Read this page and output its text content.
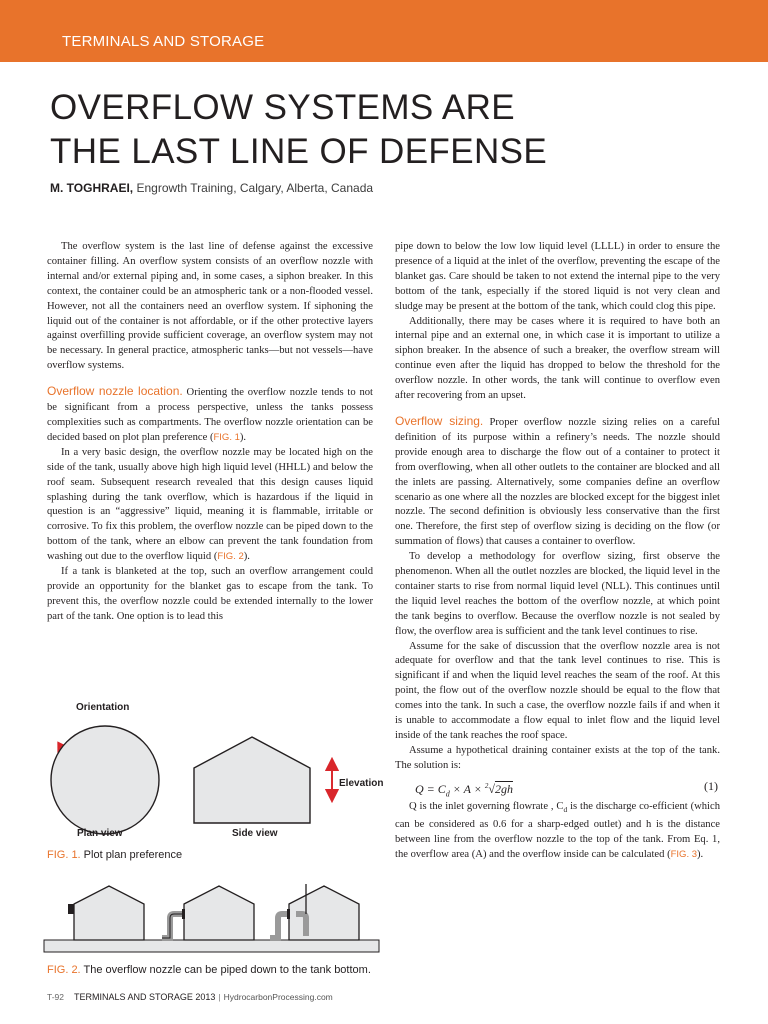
TERMINALS AND STORAGE
OVERFLOW SYSTEMS ARE
THE LAST LINE OF DEFENSE
M. TOGHRAEI, Engrowth Training, Calgary, Alberta, Canada

The overflow system is the last line of defense against the excessive container filling. An overflow system consists of an overflow nozzle with internal and/or external piping and, in some cases, a siphon breaker. In this context, the container could be an atmospheric tank or a non-flooded vessel. However, not all the containers need an overflow system. If siphoning the liquid out of the container is not affordable, or if the other protective layers against overfilling provide sufficient coverage, an overflow system may not be necessary. In general practice, atmospheric tanks—but not vessels—have overflow systems.

Overflow nozzle location. Orienting the overflow nozzle tends to not be significant from a process perspective, unless the tanks possess complexities such as compartments. The overflow nozzle orientation can be decided based on plot plan preference (FIG. 1).

In a very basic design, the overflow nozzle may be located high on the side of the tank, usually above high high liquid level (HHLL) and below the roof seam. Subsequent research revealed that this design causes liquid splashing during the tank overflow, which is hazardous if the liquid in question is an “aggressive” liquid, meaning it is flammable, irritable or corrosive. To fix this problem, the overflow nozzle can be piped down to the bottom of the tank, where an elbow can prevent the tank foundation from washing out due to the overflow liquid (FIG. 2).

If a tank is blanketed at the top, such an overflow arrangement could provide an opportunity for the blanket gas to escape from the tank. To prevent this, the overflow nozzle could be extended internally to the lower part of the tank. One option is to lead this

pipe down to below the low low liquid level (LLLL) in order to ensure the presence of a liquid at the inlet of the overflow, preventing the escape of the blanket gas. Care should be taken to not extend the internal pipe to the very bottom of the tank, especially if the stored liquid is not very clean and sludge may be present at the bottom of the tank, which could clog this pipe.

Additionally, there may be cases where it is required to have both an internal pipe and an external one, in which case it is important to utilize a siphon breaker. In the absence of such a breaker, the overflow stream will continue even after the liquid has dropped to below the threshold for the overflow nozzle. In other words, the tank will continue to overflow even after recovering from an upset.

Overflow sizing. Proper overflow nozzle sizing relies on a careful definition of its purpose within a refinery’s needs. The nozzle should provide enough area to discharge the flow out of a container to protect it from overflowing, when all other outlets to the container are blocked and all the inlets are passing. Alternatively, some companies define an overflow scenario as one where all the nozzles are blocked except for the biggest inlet nozzle. The second definition is obviously less conservative than the first one. Therefore, the first step of overflow sizing is deciding on the flow (or summation of flows) that causes a container to overflow.

To develop a methodology for overflow sizing, first observe the phenomenon. When all the outlet nozzles are blocked, the liquid level in the container starts to rise from normal liquid level (NLL). This continues until the liquid level reaches the bottom of the overflow nozzle, at which point the tank begins to overflow. Because the overflow nozzle is not sealed by flow, the overflow area is sufficient and the tank level continues to rise.

Assume for the sake of discussion that the overflow nozzle area is not adequate for overflow and that the tank level continues to rise. This is significant if and when the liquid level reaches the seam of the roof. At this point, the flow out of the overflow nozzle should be equal to the flow that comes into the tank. In such a case, the overflow nozzle fails if and when it is unable to accommodate a flow equal to inlet flow and the liquid level inside of the tank reaches the roof space.

Assume a hypothetical draining container exists at the top of the tank. The solution is:

$Q = C_d \times A \times ^2√2gh$	(1)

Q is the inlet governing flowrate , $C_d$ is the discharge co-efficient (which can be considered as 0.6 for a sharp-edged outlet) and h is the distance between line from the overflow nozzle to the top of the tank. From Eq. 1, the overflow area (A) and the overflow inside can be calculated (FIG. 3).

Orientation
Plan view	Side view
Elevation
FIG. 1. Plot plan preference
FIG. 2. The overflow nozzle can be piped down to the tank bottom.
T-92 TERMINALS AND STORAGE 2013 | HydrocarbonProcessing.com
